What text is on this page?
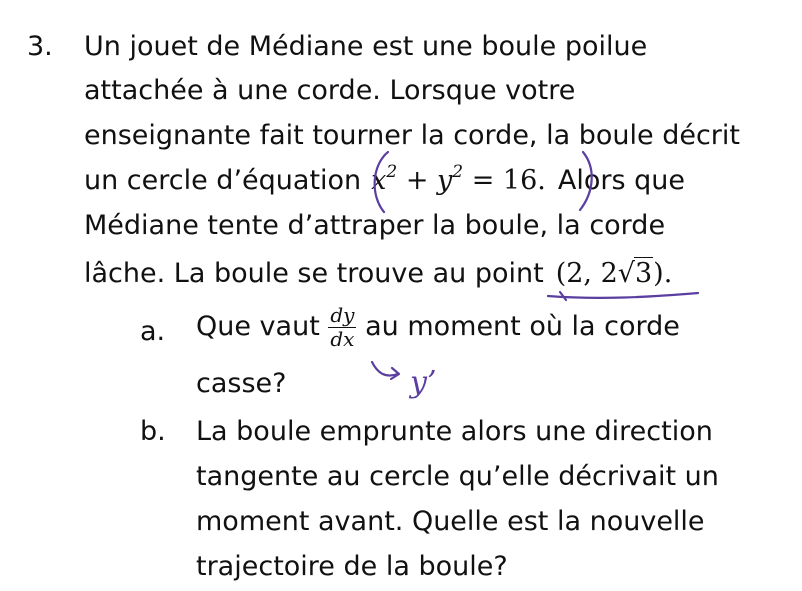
3. Un jouet de Médiane est une boule poilue
attachée à une corde. Lorsque votre
enseignante fait tourner la corde, la boule décrit
un cercle d’équation $x^2 + y^2 = 16$. Alors que
Médiane tente d’attraper la boule, la corde
lâche. La boule se trouve au point (2, 2√3).
a. Que vaut $\frac{dy}{dx}$ au moment où la corde
casse?
b. La boule emprunte alors une direction
tangente au cercle qu’elle décrivait un
moment avant. Quelle est la nouvelle
trajectoire de la boule?
y’
